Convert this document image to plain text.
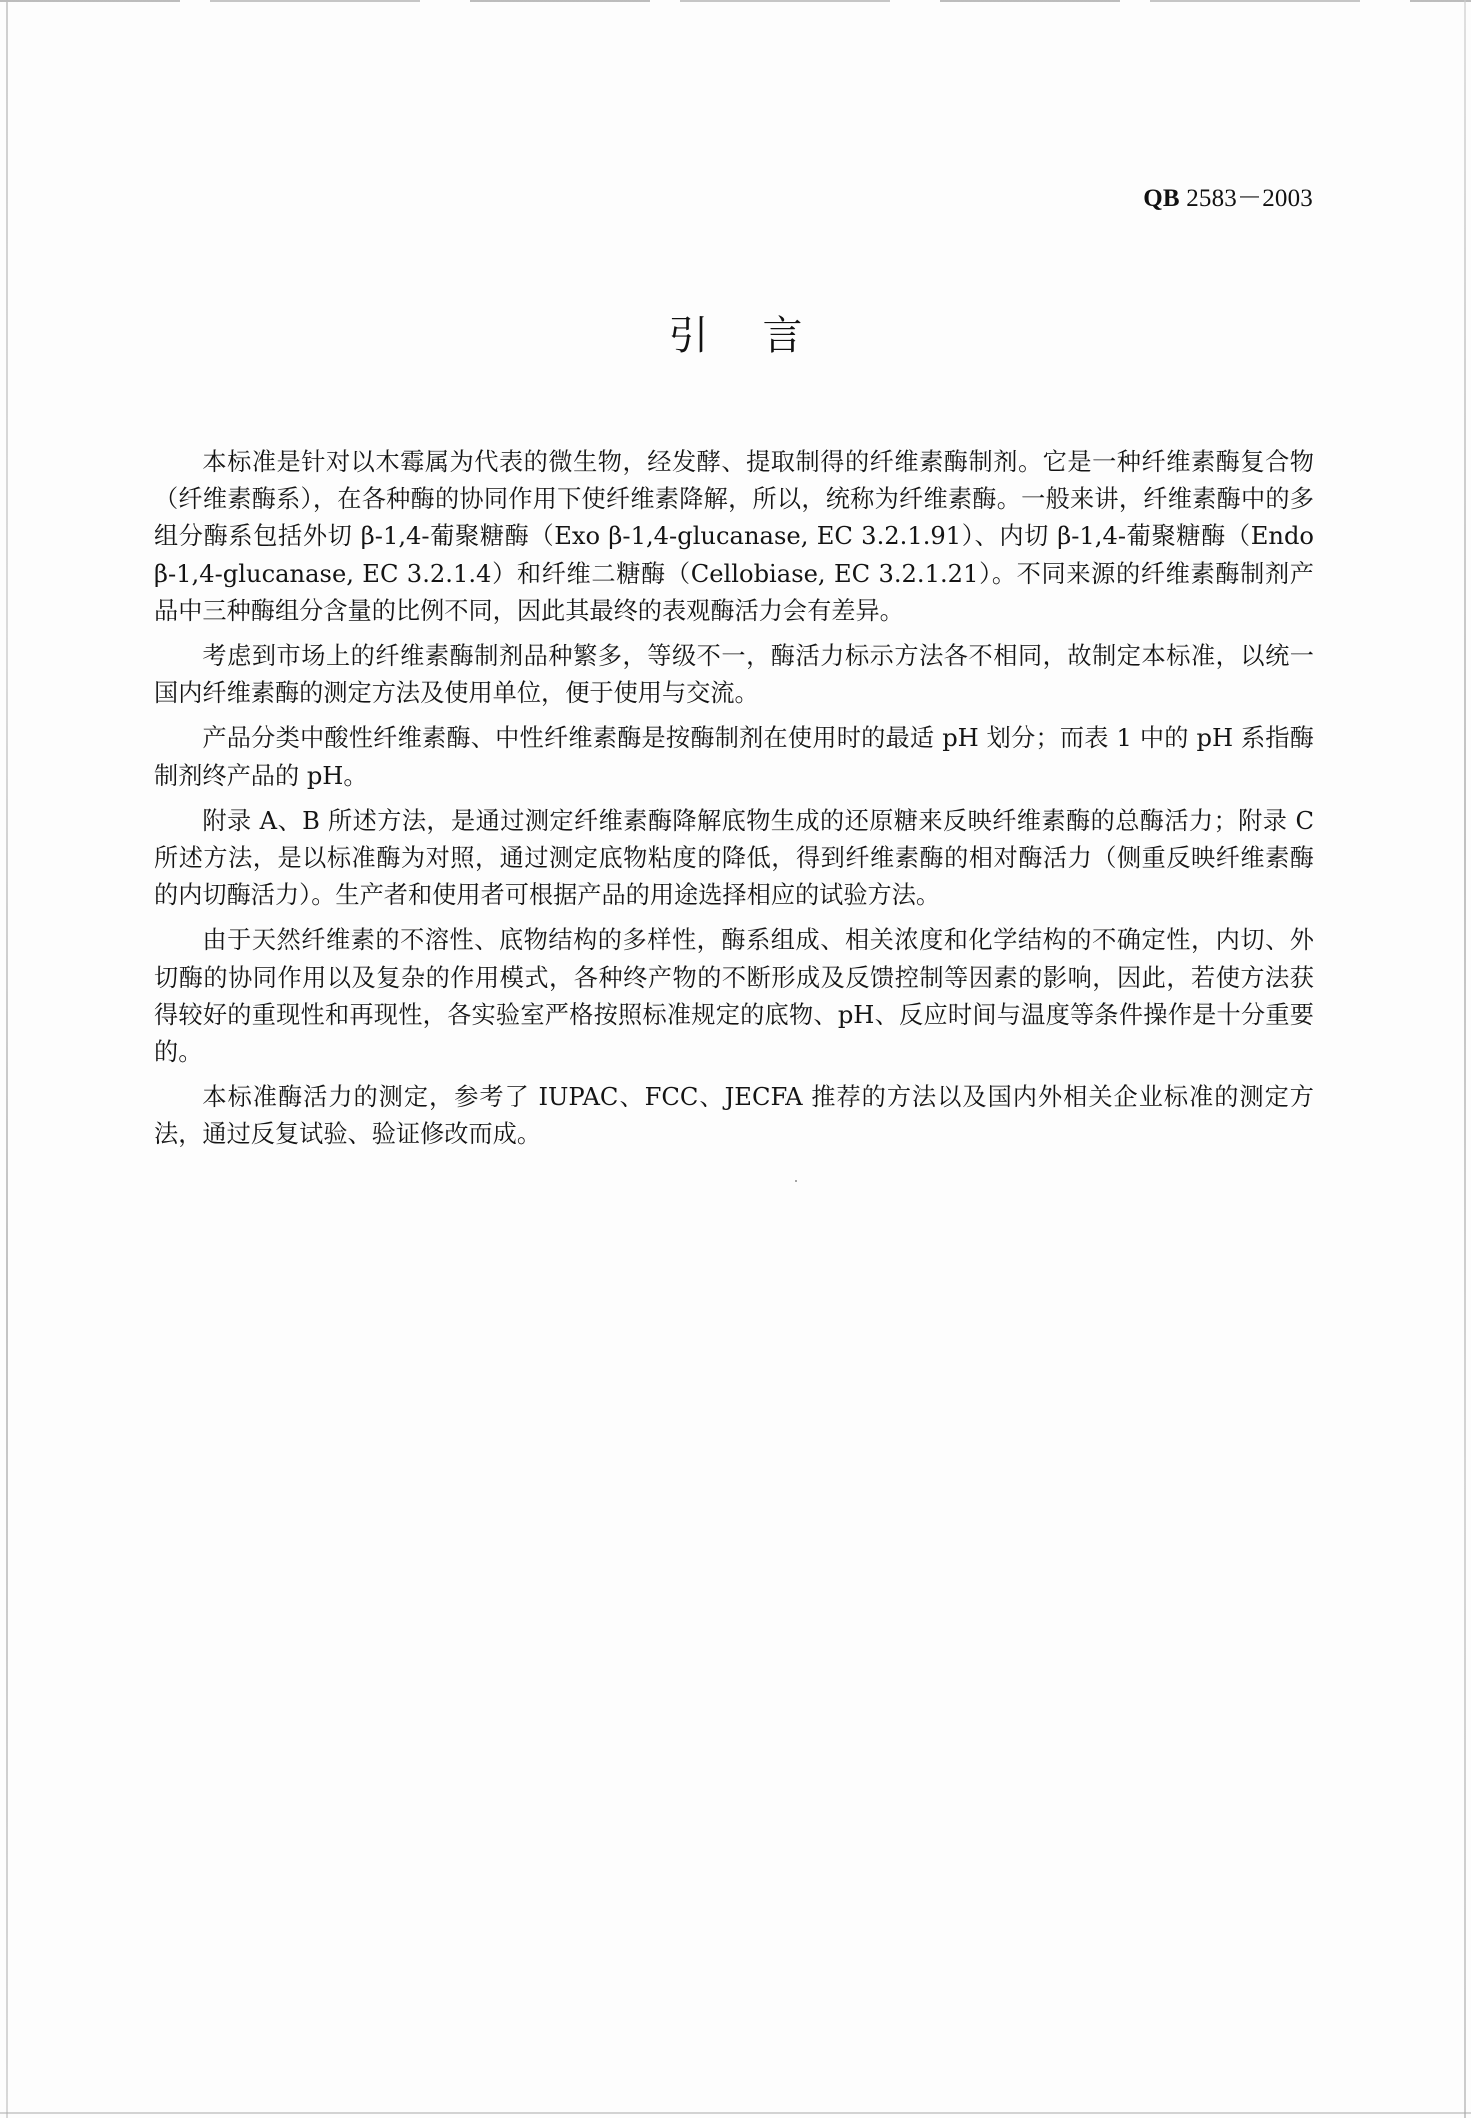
QB 2583－2003
引言

本标准是针对以木霉属为代表的微生物，经发酵、提取制得的纤维素酶制剂。它是一种纤维素酶复合物（纤维素酶系），在各种酶的协同作用下使纤维素降解，所以，统称为纤维素酶。一般来讲，纤维素酶中的多组分酶系包括外切 β-1,4-葡聚糖酶（Exo β-1,4-glucanase, EC 3.2.1.91）、内切 β-1,4-葡聚糖酶（Endo β-1,4-glucanase, EC 3.2.1.4）和纤维二糖酶（Cellobiase, EC 3.2.1.21）。不同来源的纤维素酶制剂产品中三种酶组分含量的比例不同，因此其最终的表观酶活力会有差异。

考虑到市场上的纤维素酶制剂品种繁多，等级不一，酶活力标示方法各不相同，故制定本标准，以统一国内纤维素酶的测定方法及使用单位，便于使用与交流。

产品分类中酸性纤维素酶、中性纤维素酶是按酶制剂在使用时的最适 pH 划分；而表 1 中的 pH 系指酶制剂终产品的 pH。

附录 A、B 所述方法，是通过测定纤维素酶降解底物生成的还原糖来反映纤维素酶的总酶活力；附录 C 所述方法，是以标准酶为对照，通过测定底物粘度的降低，得到纤维素酶的相对酶活力（侧重反映纤维素酶的内切酶活力）。生产者和使用者可根据产品的用途选择相应的试验方法。

由于天然纤维素的不溶性、底物结构的多样性，酶系组成、相关浓度和化学结构的不确定性，内切、外切酶的协同作用以及复杂的作用模式，各种终产物的不断形成及反馈控制等因素的影响，因此，若使方法获得较好的重现性和再现性，各实验室严格按照标准规定的底物、pH、反应时间与温度等条件操作是十分重要的。

本标准酶活力的测定，参考了 IUPAC、FCC、JECFA 推荐的方法以及国内外相关企业标准的测定方法，通过反复试验、验证修改而成。
